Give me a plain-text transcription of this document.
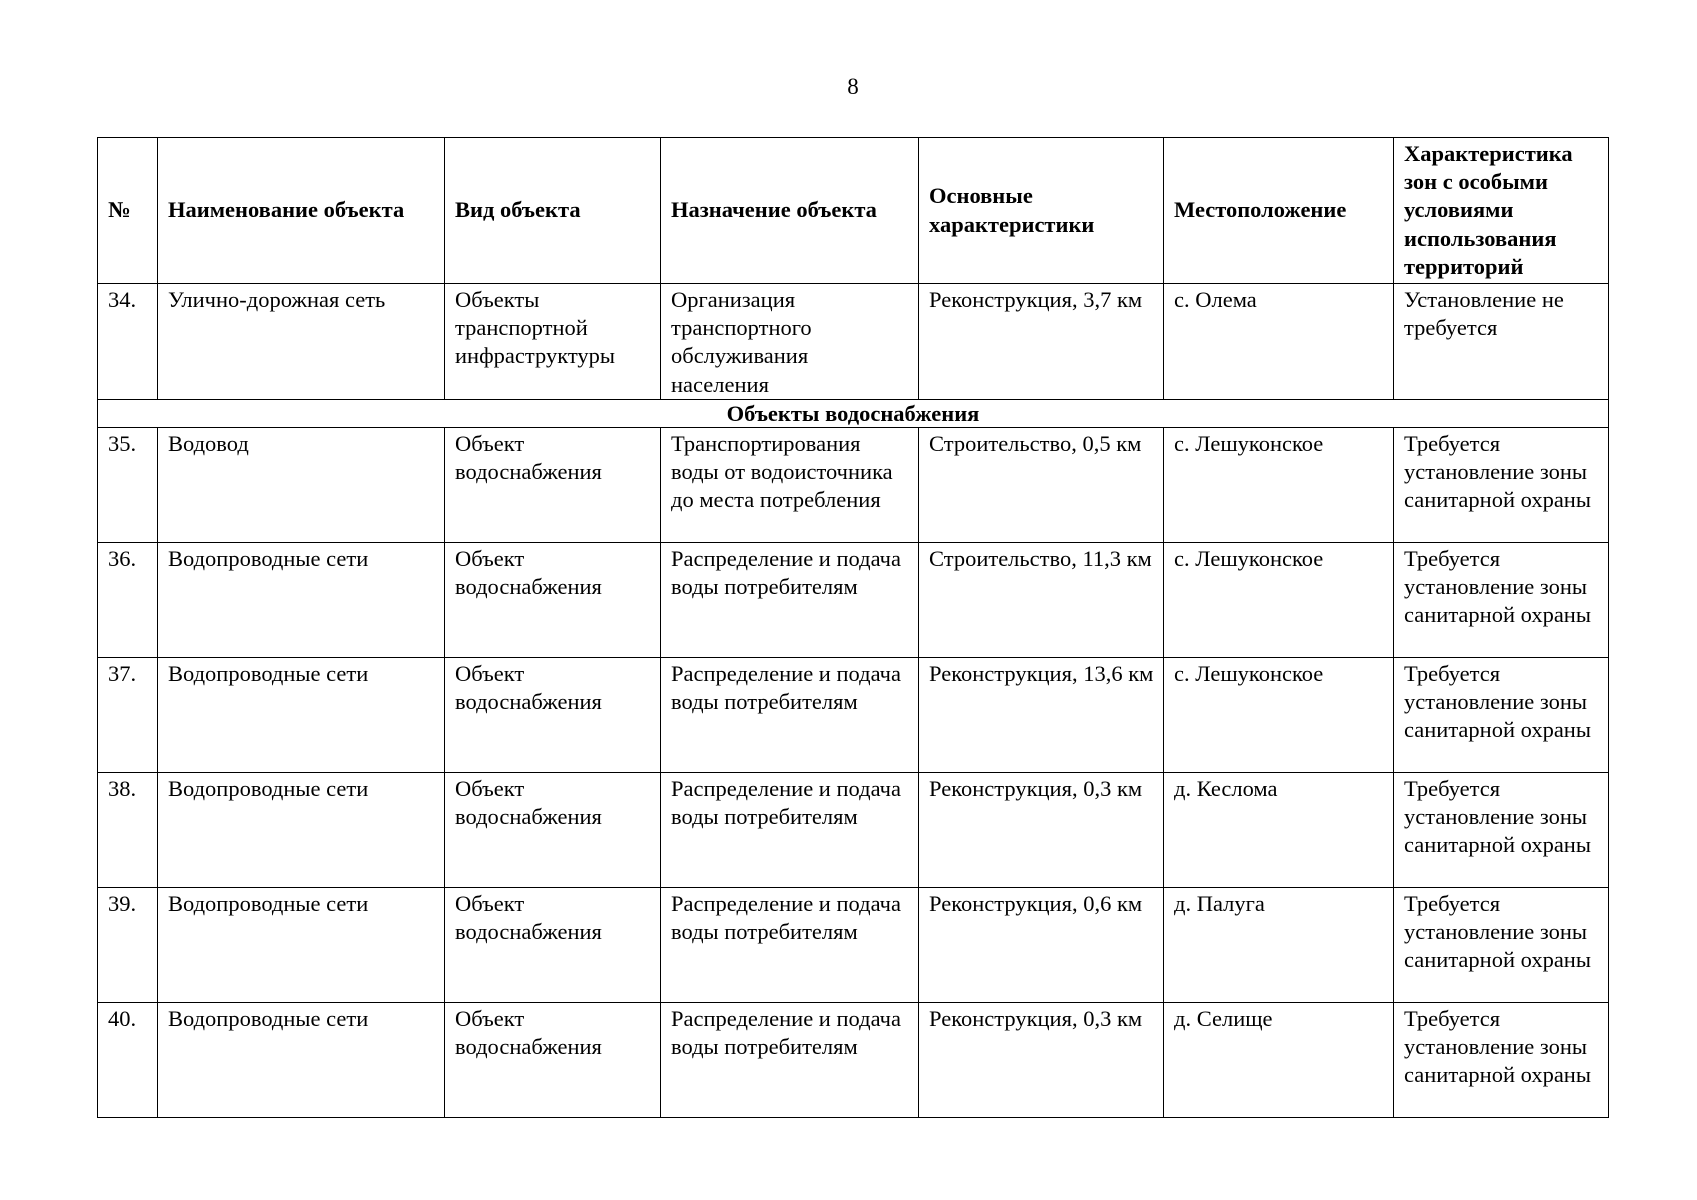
8
№	Наименование объекта	Вид объекта	Назначение объекта	Основные характеристики	Местоположение	Характеристика зон с особыми условиями использования территорий
34.	Улично-дорожная сеть	Объекты транспортной инфраструктуры	Организация транспортного обслуживания населения	Реконструкция, 3,7 км	с. Олема	Установление не требуется
Объекты водоснабжения						
35.	Водовод	Объект водоснабжения	Транспортирования воды от водоисточника до места потребления	Строительство, 0,5 км	с. Лешуконское	Требуется установление зоны санитарной охраны
36.	Водопроводные сети	Объект водоснабжения	Распределение и подача воды потребителям	Строительство, 11,3 км	с. Лешуконское	Требуется установление зоны санитарной охраны
37.	Водопроводные сети	Объект водоснабжения	Распределение и подача воды потребителям	Реконструкция, 13,6 км	с. Лешуконское	Требуется установление зоны санитарной охраны
38.	Водопроводные сети	Объект водоснабжения	Распределение и подача воды потребителям	Реконструкция, 0,3 км	д. Кеслома	Требуется установление зоны санитарной охраны
39.	Водопроводные сети	Объект водоснабжения	Распределение и подача воды потребителям	Реконструкция, 0,6 км	д. Палуга	Требуется установление зоны санитарной охраны
40.	Водопроводные сети	Объект водоснабжения	Распределение и подача воды потребителям	Реконструкция, 0,3 км	д. Селище	Требуется установление зоны санитарной охраны
